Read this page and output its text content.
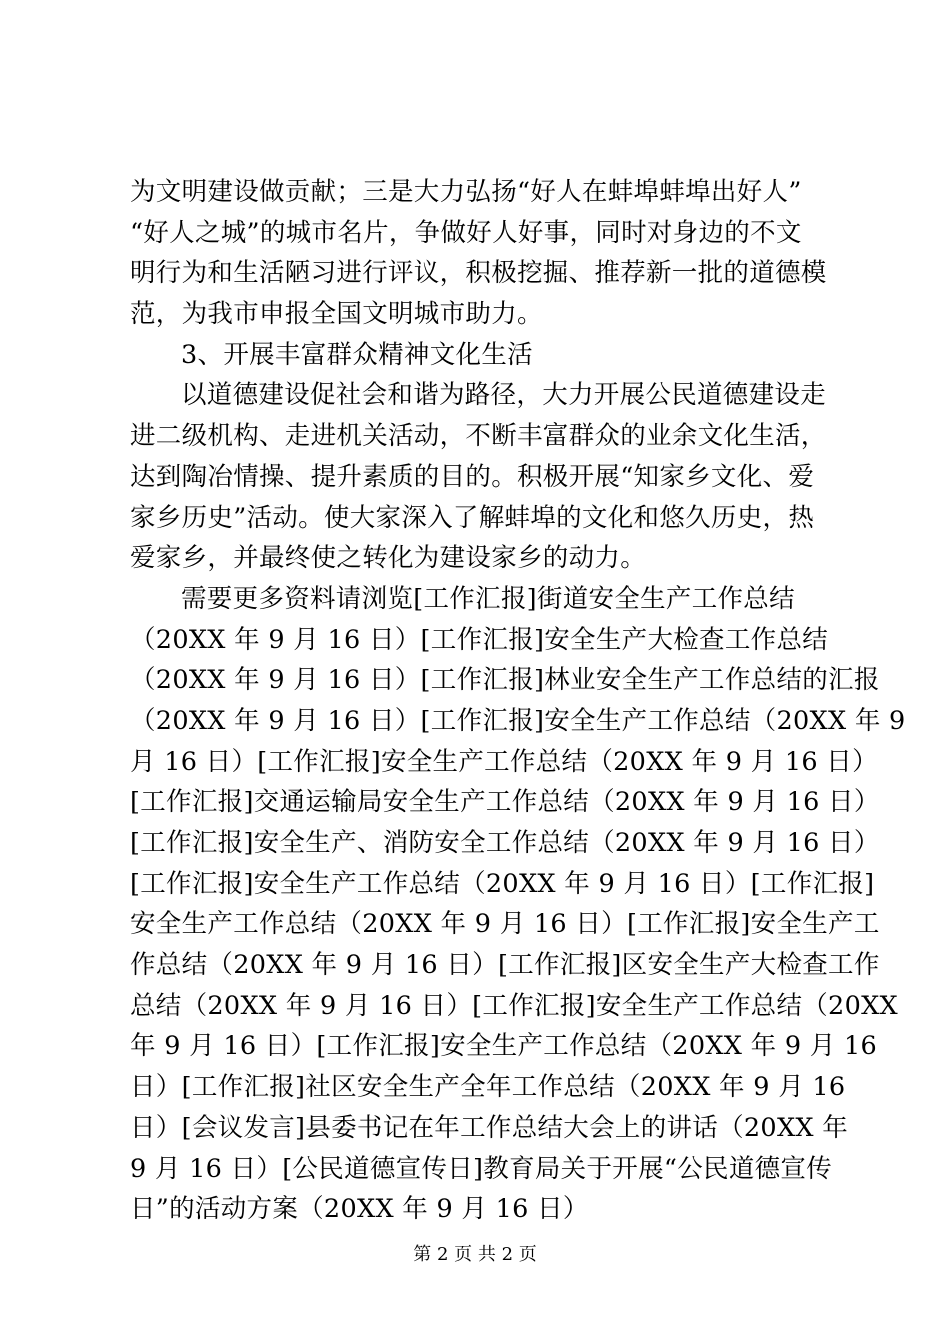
为文明建设做贡献；三是大力弘扬“好人在蚌埠蚌埠出好人”
“好人之城”的城市名片，争做好人好事，同时对身边的不文
明行为和生活陋习进行评议，积极挖掘、推荐新一批的道德模
范，为我市申报全国文明城市助力。
3、开展丰富群众精神文化生活
以道德建设促社会和谐为路径，大力开展公民道德建设走
进二级机构、走进机关活动，不断丰富群众的业余文化生活，
达到陶冶情操、提升素质的目的。积极开展“知家乡文化、爱
家乡历史”活动。使大家深入了解蚌埠的文化和悠久历史，热
爱家乡，并最终使之转化为建设家乡的动力。
需要更多资料请浏览[工作汇报]街道安全生产工作总结
（20XX 年 9 月 16 日）[工作汇报]安全生产大检查工作总结
（20XX 年 9 月 16 日）[工作汇报]林业安全生产工作总结的汇报
（20XX 年 9 月 16 日）[工作汇报]安全生产工作总结（20XX 年 9
月 16 日）[工作汇报]安全生产工作总结（20XX 年 9 月 16 日）
[工作汇报]交通运输局安全生产工作总结（20XX 年 9 月 16 日）
[工作汇报]安全生产、消防安全工作总结（20XX 年 9 月 16 日）
[工作汇报]安全生产工作总结（20XX 年 9 月 16 日）[工作汇报]
安全生产工作总结（20XX 年 9 月 16 日）[工作汇报]安全生产工
作总结（20XX 年 9 月 16 日）[工作汇报]区安全生产大检查工作
总结（20XX 年 9 月 16 日）[工作汇报]安全生产工作总结（20XX
年 9 月 16 日）[工作汇报]安全生产工作总结（20XX 年 9 月 16
日）[工作汇报]社区安全生产全年工作总结（20XX 年 9 月 16
日）[会议发言]县委书记在年工作总结大会上的讲话（20XX 年
9 月 16 日）[公民道德宣传日]教育局关于开展“公民道德宣传
日”的活动方案（20XX 年 9 月 16 日）
第 2 页 共 2 页
